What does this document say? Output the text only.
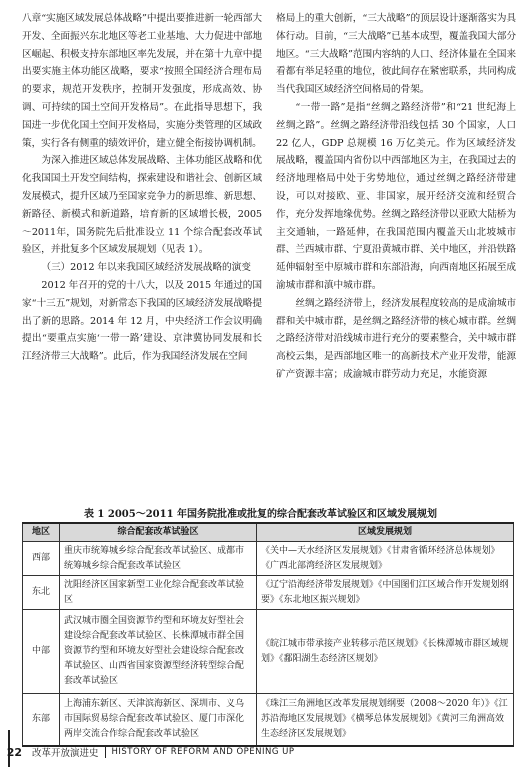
八章“实施区域发展总体战略”中提出要推进新一轮西部大开发、全面振兴东北地区等老工业基地、大力促进中部地区崛起、积极支持东部地区率先发展，并在第十九章中提出要实施主体功能区战略，要求“按照全国经济合理布局的要求，规范开发秩序，控制开发强度，形成高效、协调、可持续的国土空间开发格局”。在此指导思想下，我国进一步优化国土空间开发格局，实施分类管理的区域政策，实行各有侧重的绩效评价，建立健全衔接协调机制。

为深入推进区域总体发展战略、主体功能区战略和优化我国国土开发空间结构，探索建设和谐社会、创新区域发展模式，提升区域乃至国家竞争力的新思维、新思想、新路径、新模式和新道路，培育新的区域增长极，2005～2011年，国务院先后批准设立 11 个综合配套改革试验区，并批复多个区域发展规划（见表 1）。

（三）2012 年以来我国区域经济发展战略的演变

2012 年召开的党的十八大，以及 2015 年通过的国家“十三五”规划，对新常态下我国的区域经济发展战略提出了新的思路。2014 年 12 月，中央经济工作会议明确提出“要重点实施‘一带一路’建设、京津冀协同发展和长江经济带三大战略”。此后，作为我国经济发展在空间

格局上的重大创新，“三大战略”的顶层设计逐渐落实为具体行动。目前，“三大战略”已基本成型，覆盖我国大部分地区。“三大战略”范围内容纳的人口、经济体量在全国来看都有举足轻重的地位，彼此间存在紧密联系，共同构成当代我国区域经济空间格局的骨架。

“一带一路”是指“丝绸之路经济带”和“21 世纪海上丝绸之路”。丝绸之路经济带沿线包括 30 个国家，人口 22 亿人，GDP 总规模 16 万亿美元。作为区域经济发展战略，覆盖国内省份以中西部地区为主，在我国过去的经济地理格局中处于劣势地位，通过丝绸之路经济带建设，可以对接欧、亚、非国家，展开经济交流和经贸合作，充分发挥地缘优势。丝绸之路经济带以亚欧大陆桥为主交通轴，一路延伸，在我国范围内覆盖天山北坡城市群、兰西城市群、宁夏沿黄城市群、关中地区，并沿铁路延伸辐射至中原城市群和东部沿海，向西南地区拓展至成渝城市群和滇中城市群。

丝绸之路经济带上，经济发展程度较高的是成渝城市群和关中城市群，是丝绸之路经济带的核心城市群。丝绸之路经济带对沿线城市进行充分的要素整合，关中城市群高校云集，是西部地区唯一的高新技术产业开发带，能源矿产资源丰富；成渝城市群劳动力充足，水能资源

表 1 2005～2011 年国务院批准或批复的综合配套改革试验区和区域发展规划
地区	综合配套改革试验区	区域发展规划
西部	重庆市统筹城乡综合配套改革试验区、成都市统筹城乡综合配套改革试验区	《关中—天水经济区发展规划》《甘肃省循环经济总体规划》《广西北部湾经济区发展规划》
东北	沈阳经济区国家新型工业化综合配套改革试验区	《辽宁沿海经济带发展规划》《中国图们江区域合作开发规划纲要》《东北地区振兴规划》
中部	武汉城市圈全国资源节约型和环境友好型社会建设综合配套改革试验区、长株潭城市群全国资源节约型和环境友好型社会建设综合配套改革试验区、山西省国家资源型经济转型综合配套改革试验区	《皖江城市带承接产业转移示范区规划》《长株潭城市群区域规划》《鄱阳湖生态经济区规划》
东部	上海浦东新区、天津滨海新区、深圳市、义乌市国际贸易综合配套改革试验区、厦门市深化两岸交流合作综合配套改革试验区	《珠江三角洲地区改革发展规划纲要（2008～2020 年）》《江苏沿海地区发展规划》《横琴总体发展规划》《黄河三角洲高效生态经济区发展规划》
22 改革开放演进史 HISTORY OF REFORM AND OPENING UP
